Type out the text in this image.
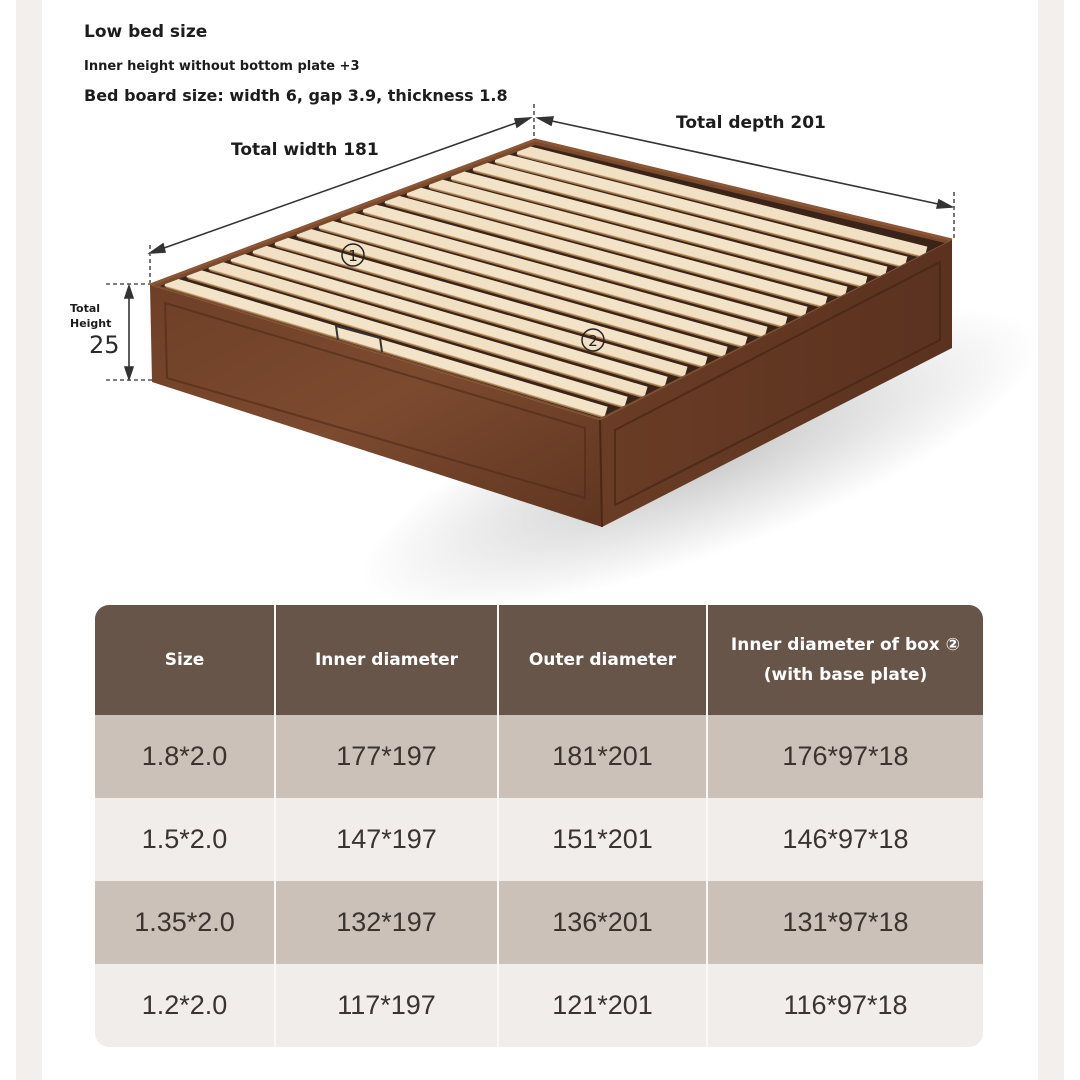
Low bed size
Inner height without bottom plate +3
Bed board size: width 6, gap 3.9, thickness 1.8
1
2
Total width 181
Total depth 201
Total
Height
25
Size	Inner diameter	Outer diameter	Inner diameter of box ②
(with base plate)

1.8*2.0	177*197	181*201	176*97*18
1.5*2.0	147*197	151*201	146*97*18
1.35*2.0	132*197	136*201	131*97*18
1.2*2.0	117*197	121*201	116*97*18
